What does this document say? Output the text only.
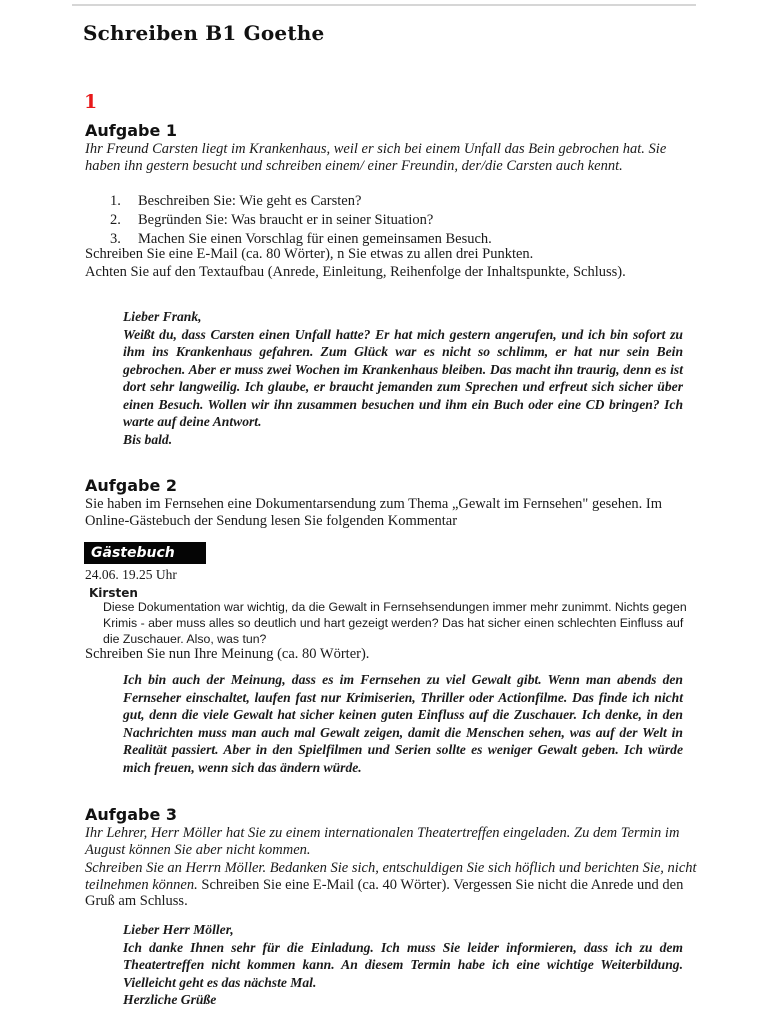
Schreiben B1 Goethe
1
Aufgabe 1
Ihr Freund Carsten liegt im Krankenhaus, weil er sich bei einem Unfall das Bein gebrochen hat. Sie haben ihn gestern besucht und schreiben einem/ einer Freundin, der/die Carsten auch kennt.
1.	Beschreiben Sie: Wie geht es Carsten?
2.	Begründen Sie: Was braucht er in seiner Situation?
3.	Machen Sie einen Vorschlag für einen gemeinsamen Besuch.
Schreiben Sie eine E-Mail (ca. 80 Wörter), n Sie etwas zu allen drei Punkten.
Achten Sie auf den Textaufbau (Anrede, Einleitung, Reihenfolge der Inhaltspunkte, Schluss).
Lieber Frank,
Weißt du, dass Carsten einen Unfall hatte? Er hat mich gestern angerufen, und ich bin sofort zu ihm ins Krankenhaus gefahren. Zum Glück war es nicht so schlimm, er hat nur sein Bein gebrochen. Aber er muss zwei Wochen im Krankenhaus bleiben. Das macht ihn traurig, denn es ist dort sehr langweilig. Ich glaube, er braucht jemanden zum Sprechen und erfreut sich sicher über einen Besuch. Wollen wir ihn zusammen besuchen und ihm ein Buch oder eine CD bringen? Ich warte auf deine Antwort.
Bis bald.
Aufgabe 2
Sie haben im Fernsehen eine Dokumentarsendung zum Thema „Gewalt im Fernsehen" gesehen. Im Online-Gästebuch der Sendung lesen Sie folgenden Kommentar
Gästebuch
24.06. 19.25 Uhr
Kirsten
Diese Dokumentation war wichtig, da die Gewalt in Fernsehsendungen immer mehr zunimmt. Nichts gegen Krimis - aber muss alles so deutlich und hart gezeigt werden? Das hat sicher einen schlechten Einfluss auf die Zuschauer. Also, was tun?
Schreiben Sie nun Ihre Meinung (ca. 80 Wörter).
Ich bin auch der Meinung, dass es im Fernsehen zu viel Gewalt gibt. Wenn man abends den Fernseher einschaltet, laufen fast nur Krimiserien, Thriller oder Actionfilme. Das finde ich nicht gut, denn die viele Gewalt hat sicher keinen guten Einfluss auf die Zuschauer. Ich denke, in den Nachrichten muss man auch mal Gewalt zeigen, damit die Menschen sehen, was auf der Welt in Realität passiert. Aber in den Spielfilmen und Serien sollte es weniger Gewalt geben. Ich würde mich freuen, wenn sich das ändern würde.
Aufgabe 3
Ihr Lehrer, Herr Möller hat Sie zu einem internationalen Theatertreffen eingeladen. Zu dem Termin im August können Sie aber nicht kommen.
Schreiben Sie an Herrn Möller. Bedanken Sie sich, entschuldigen Sie sich höflich und berichten Sie, nicht teilnehmen können. Schreiben Sie eine E-Mail (ca. 40 Wörter). Vergessen Sie nicht die Anrede und den Gruß am Schluss.
Lieber Herr Möller,
Ich danke Ihnen sehr für die Einladung. Ich muss Sie leider informieren, dass ich zu dem Theatertreffen nicht kommen kann. An diesem Termin habe ich eine wichtige Weiterbildung. Vielleicht geht es das nächste Mal.
Herzliche Grüße
